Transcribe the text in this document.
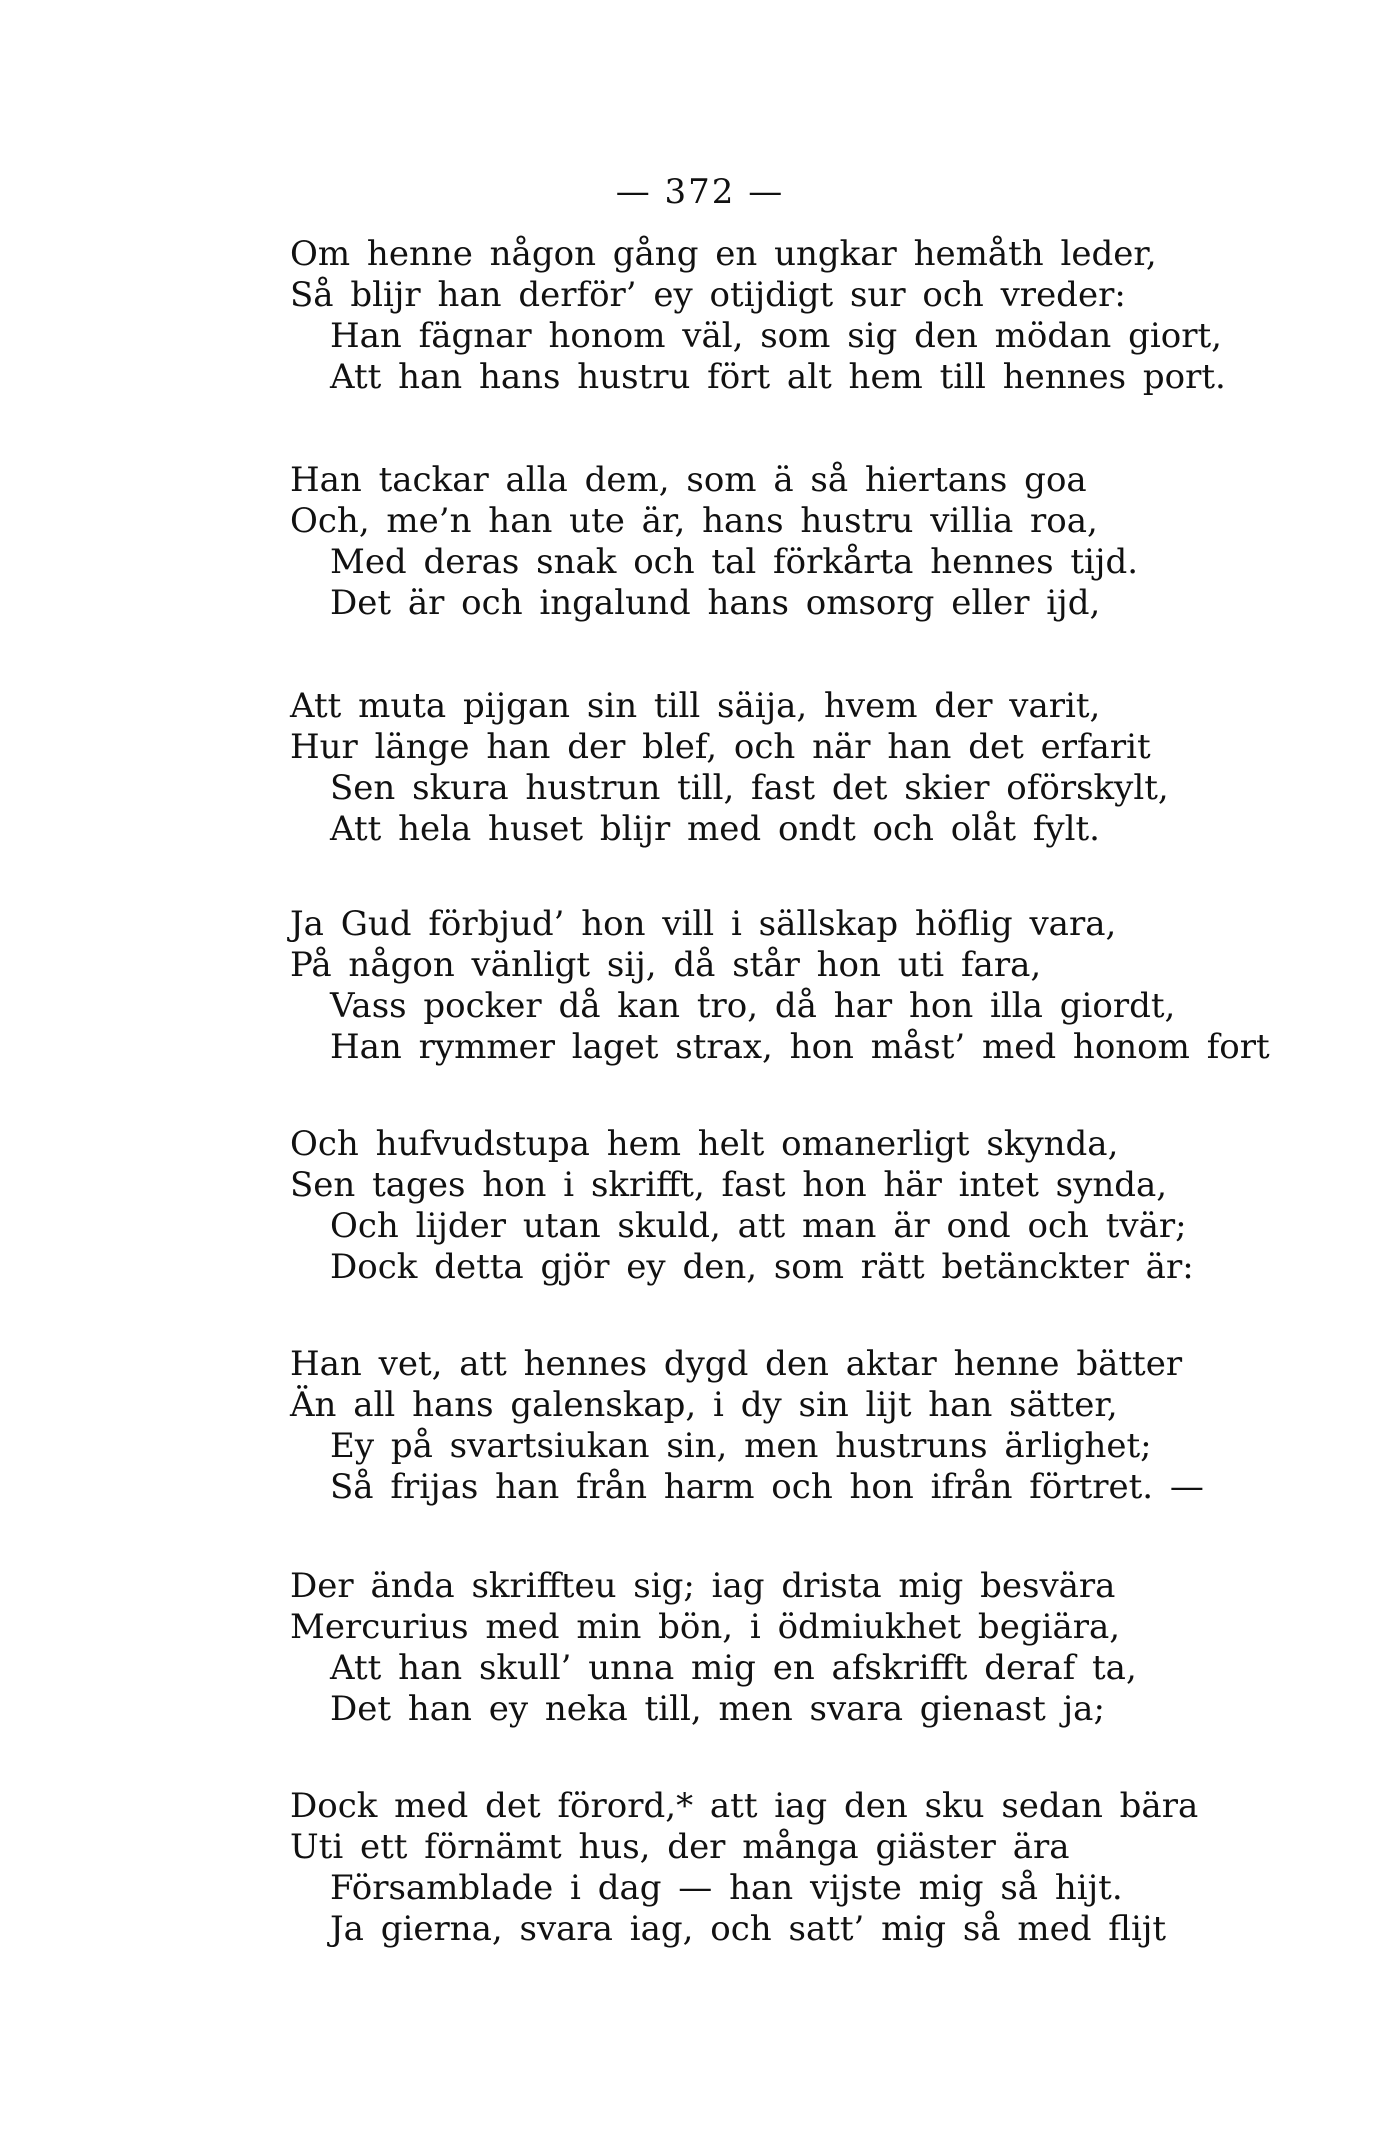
— 372 —
Om henne någon gång en ungkar hemåth leder,
Så blijr han derför’ ey otijdigt sur och vreder:
Han fägnar honom väl, som sig den mödan giort,
Att han hans hustru fört alt hem till hennes port.
Han tackar alla dem, som ä så hiertans goa
Och, me’n han ute är, hans hustru villia roa,
Med deras snak och tal förkårta hennes tijd.
Det är och ingalund hans omsorg eller ijd,
Att muta pijgan sin till säija, hvem der varit,
Hur länge han der blef, och när han det erfarit
Sen skura hustrun till, fast det skier oförskylt,
Att hela huset blijr med ondt och olåt fylt.
Ja Gud förbjud’ hon vill i sällskap höflig vara,
På någon vänligt sij, då står hon uti fara,
Vass pocker då kan tro, då har hon illa giordt,
Han rymmer laget strax, hon måst’ med honom fort
Och hufvudstupa hem helt omanerligt skynda,
Sen tages hon i skrifft, fast hon här intet synda,
Och lijder utan skuld, att man är ond och tvär;
Dock detta gjör ey den, som rätt betänckter är:
Han vet, att hennes dygd den aktar henne bätter
Än all hans galenskap, i dy sin lijt han sätter,
Ey på svartsiukan sin, men hustruns ärlighet;
Så frijas han från harm och hon ifrån förtret. —
Der ända skriffteu sig; iag drista mig besvära
Mercurius med min bön, i ödmiukhet begiära,
Att han skull’ unna mig en afskrifft deraf ta,
Det han ey neka till, men svara gienast ja;
Dock med det förord,* att iag den sku sedan bära
Uti ett förnämt hus, der många giäster ära
Församblade i dag — han vijste mig så hijt.
Ja gierna, svara iag, och satt’ mig så med flijt
